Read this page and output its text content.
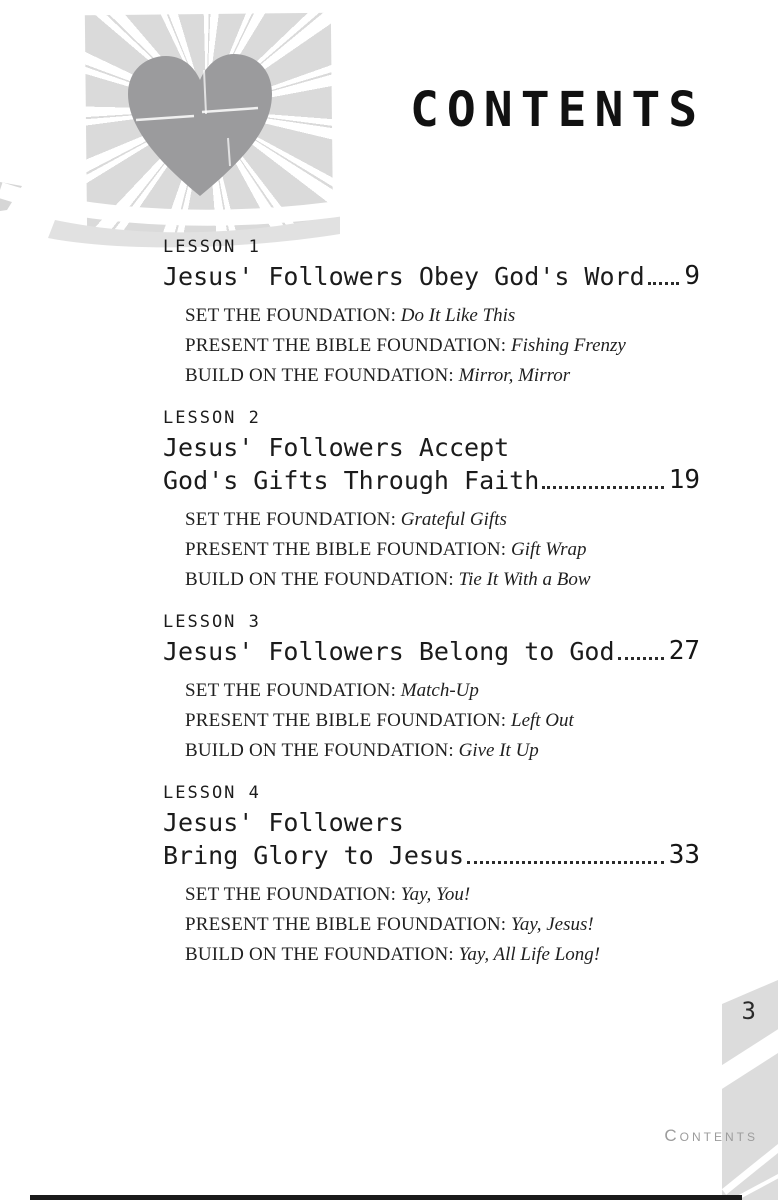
CONTENTS
LESSON 1
Jesus' Followers Obey God's Word 9
SET THE FOUNDATION: Do It Like This
PRESENT THE BIBLE FOUNDATION: Fishing Frenzy
BUILD ON THE FOUNDATION: Mirror, Mirror
LESSON 2
Jesus' Followers Accept
God's Gifts Through Faith	19
SET THE FOUNDATION: Grateful Gifts
PRESENT THE BIBLE FOUNDATION: Gift Wrap
BUILD ON THE FOUNDATION: Tie It With a Bow
LESSON 3
Jesus' Followers Belong to God 27
SET THE FOUNDATION: Match-Up
PRESENT THE BIBLE FOUNDATION: Left Out
BUILD ON THE FOUNDATION: Give It Up
LESSON 4
Jesus' Followers
Bring Glory to Jesus	33
SET THE FOUNDATION: Yay, You!
PRESENT THE BIBLE FOUNDATION: Yay, Jesus!
BUILD ON THE FOUNDATION: Yay, All Life Long!
3
Contents
